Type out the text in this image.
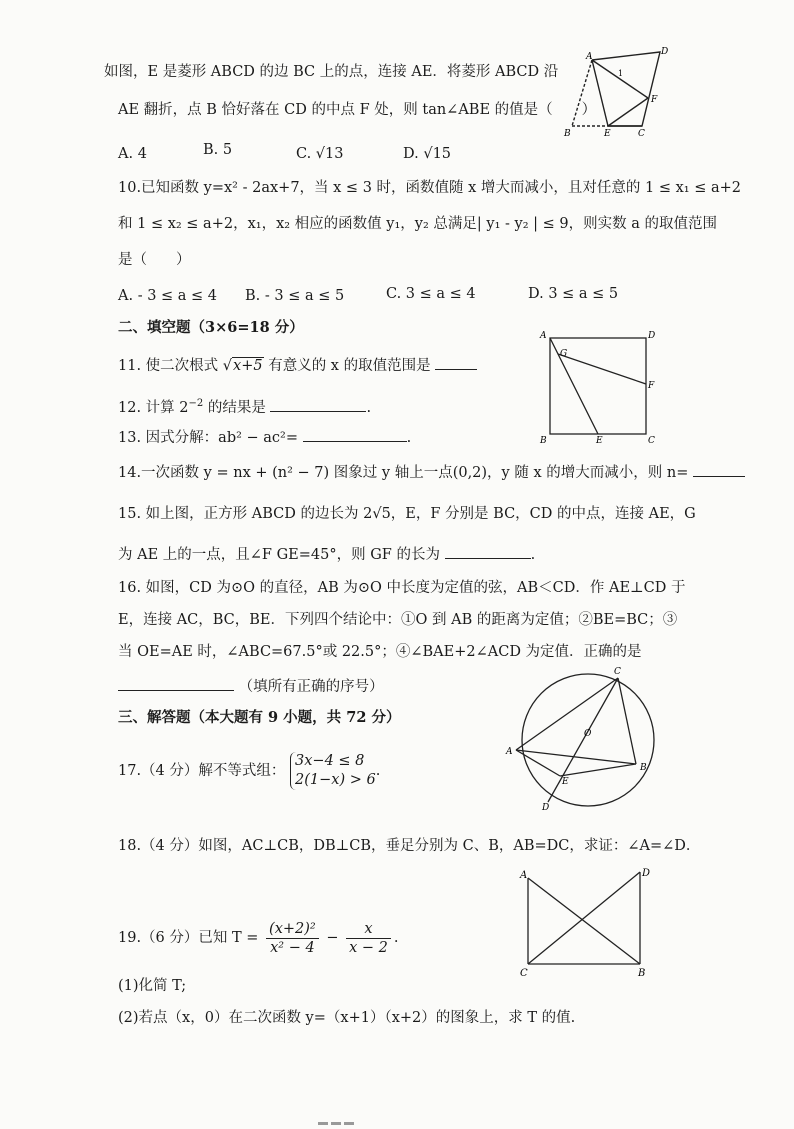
如图，E 是菱形 ABCD 的边 BC 上的点，连接 AE．将菱形 ABCD 沿
AE 翻折，点 B 恰好落在 CD 的中点 F 处，则 tan∠ABE 的值是（　　）
A. 4	B. 5	C. √13	D. √15
A	D
B	E	C
F
1
10.已知函数 y=x² - 2ax+7，当 x ≤ 3 时，函数值随 x 增大而减小，且对任意的 1 ≤ x₁ ≤ a+2
和 1 ≤ x₂ ≤ a+2，x₁，x₂ 相应的函数值 y₁，y₂ 总满足| y₁ - y₂ | ≤ 9，则实数 a 的取值范围
是（　　）
A. - 3 ≤ a ≤ 4 B. - 3 ≤ a ≤ 5	C. 3 ≤ a ≤ 4	D. 3 ≤ a ≤ 5
二、填空题（3×6=18 分）	A	D
G
F
B	E	C
11. 使二次根式 √x+5 有意义的 x 的取值范围是
12. 计算 $2^{-2}$ 的结果是	.
13. 因式分解：ab² − ac²=	.
14.一次函数 y = nx + (n² − 7) 图象过 y 轴上一点(0,2)，y 随 x 的增大而减小，则 n=
15. 如上图，正方形 ABCD 的边长为 2√5，E，F 分别是 BC，CD 的中点，连接 AE，G
为 AE 上的一点，且∠F GE=45°，则 GF 的长为	.
16. 如图，CD 为⊙O 的直径，AB 为⊙O 中长度为定值的弦，AB＜CD．作 AE⊥CD 于
E，连接 AC，BC，BE．下列四个结论中：①O 到 AB 的距离为定值；②BE=BC；③
当 OE=AE 时，∠ABC=67.5°或 22.5°；④∠BAE+2∠ACD 为定值．正确的是
（填所有正确的序号）
C
O
A
E
B
D
三、解答题（本大题有 9 小题，共 72 分）
17.（4 分）解不等式组：
3x−4 ≤ 8
2(1−x) > 6
.
18.（4 分）如图，AC⊥CB，DB⊥CB，垂足分别为 C、B，AB=DC，求证：∠A=∠D．
A	D
C	B
19.（6 分）已知 $T = \frac{\text{(x+2)²}}{\text{x² − 4}} - \frac{x}{x - 2}$ .
(1)化简 T;
(2)若点（x，0）在二次函数 y=（x+1）（x+2）的图象上，求 T 的值.
